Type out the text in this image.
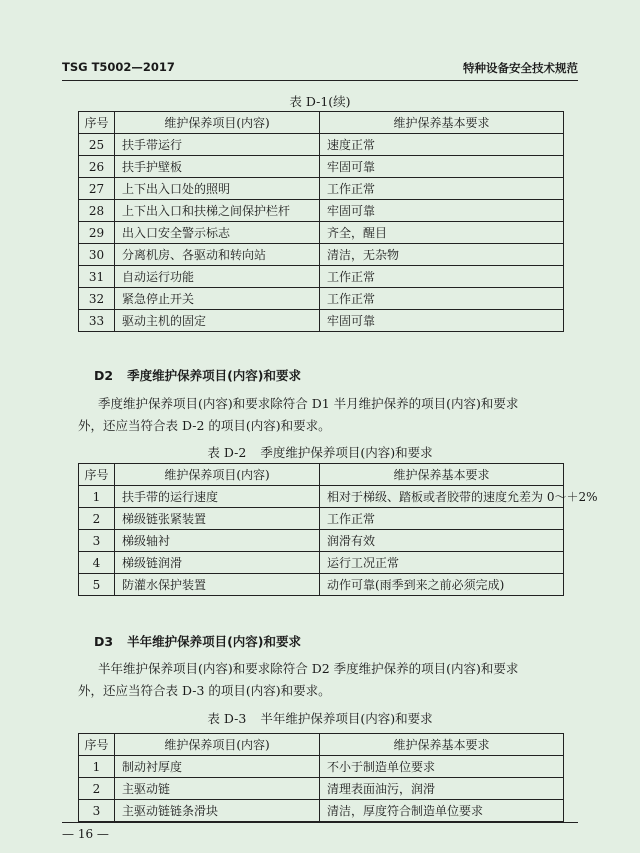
TSG T5002—2017	特种设备安全技术规范
表 D-1(续)
序号	维护保养项目(内容)	维护保养基本要求
25	扶手带运行	速度正常
26	扶手护壁板	牢固可靠
27	上下出入口处的照明	工作正常
28	上下出入口和扶梯之间保护栏杆	牢固可靠
29	出入口安全警示标志	齐全，醒目
30	分离机房、各驱动和转向站	清洁，无杂物
31	自动运行功能	工作正常
32	紧急停止开关	工作正常
33	驱动主机的固定	牢固可靠
D2 季度维护保养项目(内容)和要求
季度维护保养项目(内容)和要求除符合 D1 半月维护保养的项目(内容)和要求
外，还应当符合表 D-2 的项目(内容)和要求。
表 D-2 季度维护保养项目(内容)和要求
序号	维护保养项目(内容)	维护保养基本要求
1	扶手带的运行速度	相对于梯级、踏板或者胶带的速度允差为 0～＋2%
2	梯级链张紧装置	工作正常
3	梯级轴衬	润滑有效
4	梯级链润滑	运行工况正常
5	防灌水保护装置	动作可靠(雨季到来之前必须完成)
D3 半年维护保养项目(内容)和要求
半年维护保养项目(内容)和要求除符合 D2 季度维护保养的项目(内容)和要求
外，还应当符合表 D-3 的项目(内容)和要求。
表 D-3 半年维护保养项目(内容)和要求
序号	维护保养项目(内容)	维护保养基本要求
1	制动衬厚度	不小于制造单位要求
2	主驱动链	清理表面油污，润滑
3	主驱动链链条滑块	清洁，厚度符合制造单位要求
— 16 —
